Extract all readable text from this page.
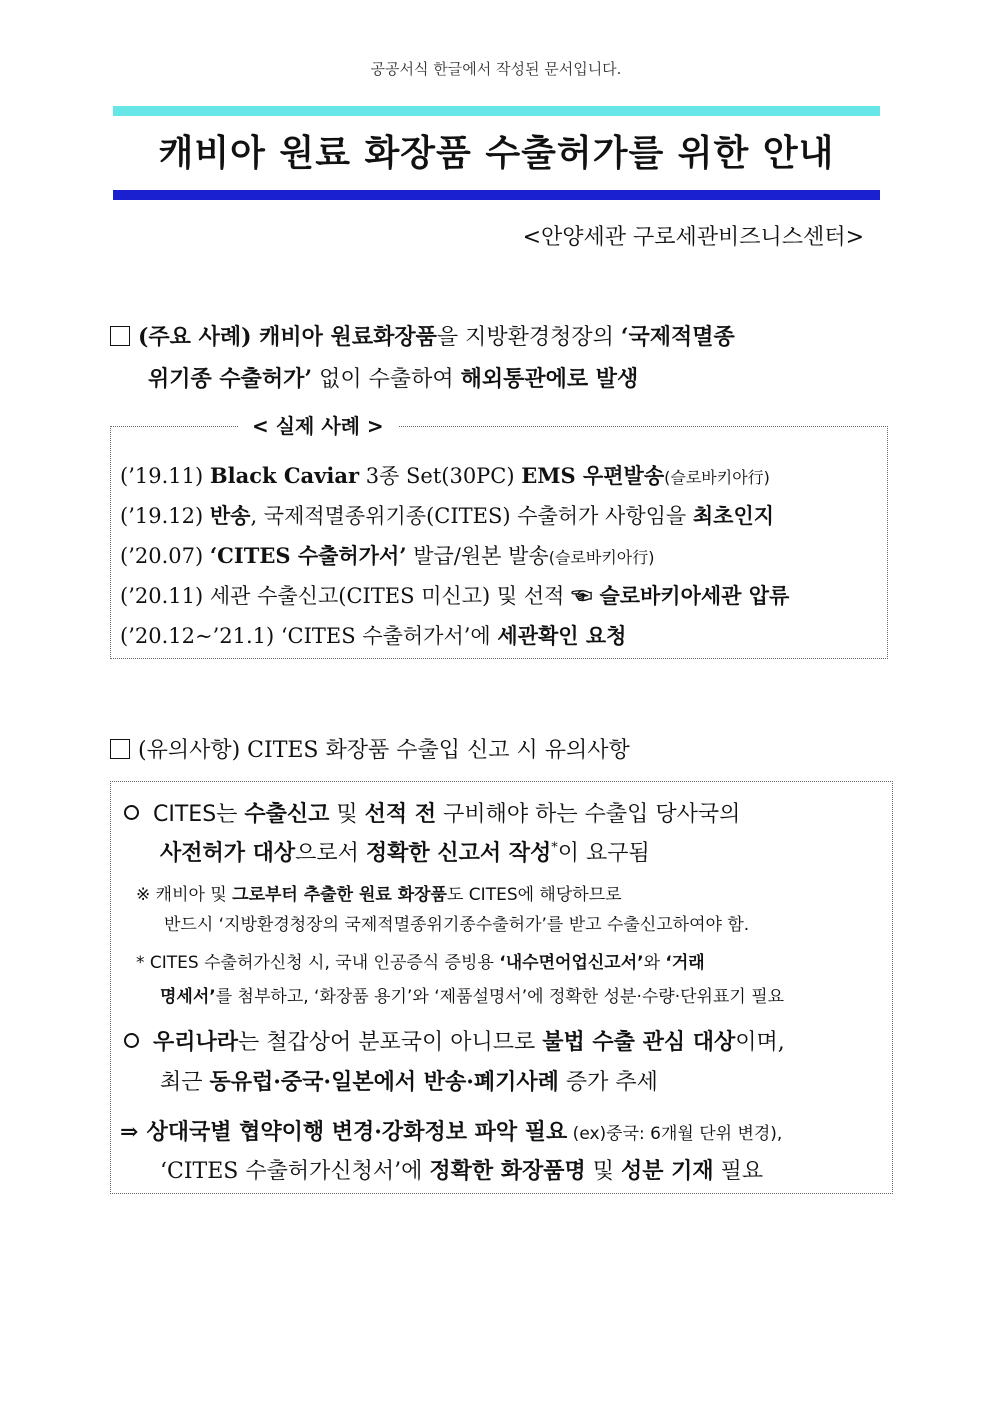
공공서식 한글에서 작성된 문서입니다.
캐비아 원료 화장품 수출허가를 위한 안내
<안양세관 구로세관비즈니스센터>
(주요 사례) 캐비아 원료화장품을 지방환경청장의 ‘국제적멸종
위기종 수출허가’ 없이 수출하여 해외통관에로 발생
< 실제 사례 >
(’19.11) Black Caviar 3종 Set(30PC) EMS 우편발송(슬로바키아行)
(’19.12) 반송, 국제적멸종위기종(CITES) 수출허가 사항임을 최초인지
(’20.07) ‘CITES 수출허가서’ 발급/원본 발송(슬로바키아行)
(’20.11) 세관 수출신고(CITES 미신고) 및 선적 ☜ 슬로바키아세관 압류
(’20.12∼’21.1) ‘CITES 수출허가서’에 세관확인 요청
(유의사항) CITES 화장품 수출입 신고 시 유의사항
CITES는 수출신고 및 선적 전 구비해야 하는 수출입 당사국의
사전허가 대상으로서 정확한 신고서 작성*이 요구됨
※ 캐비아 및 그로부터 추출한 원료 화장품도 CITES에 해당하므로
반드시 ‘지방환경청장의 국제적멸종위기종수출허가’를 받고 수출신고하여야 함.
* CITES 수출허가신청 시, 국내 인공증식 증빙용 ‘내수면어업신고서’와 ‘거래
명세서’를 첨부하고, ‘화장품 용기’와 ‘제품설명서’에 정확한 성분·수량·단위표기 필요
우리나라는 철갑상어 분포국이 아니므로 불법 수출 관심 대상이며,
최근 동유럽·중국·일본에서 반송·폐기사례 증가 추세
⇒ 상대국별 협약이행 변경·강화정보 파악 필요 (ex)중국: 6개월 단위 변경),
‘CITES 수출허가신청서’에 정확한 화장품명 및 성분 기재 필요
